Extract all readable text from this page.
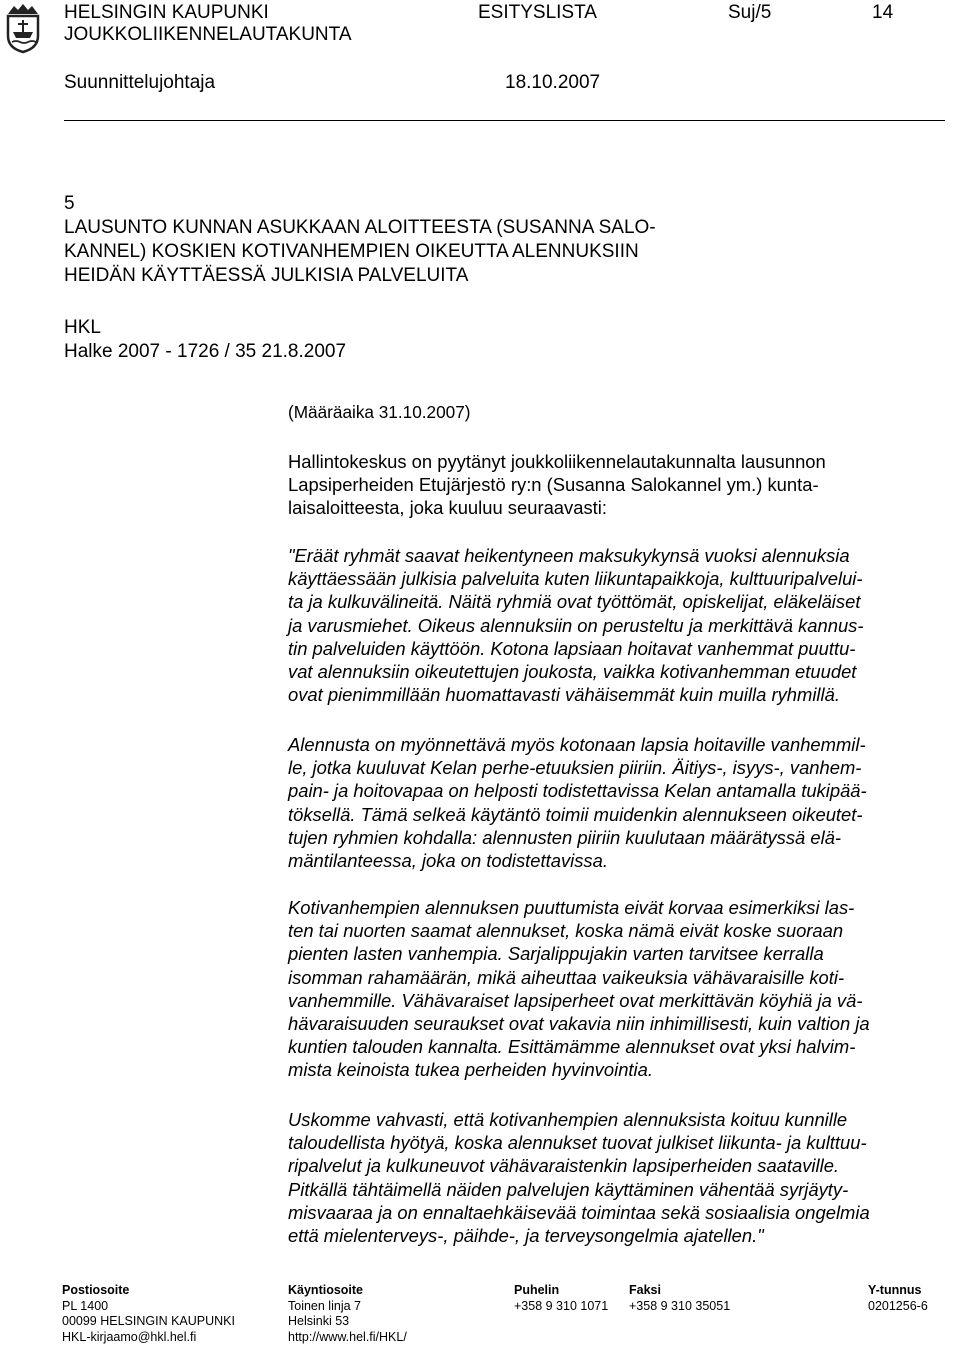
HELSINGIN KAUPUNKI
JOUKKOLIIKENNELAUTAKUNTA
ESITYSLISTA	Suj/5	14
Suunnittelujohtaja	18.10.2007
5
LAUSUNTO KUNNAN ASUKKAAN ALOITTEESTA (SUSANNA SALO-
KANNEL) KOSKIEN KOTIVANHEMPIEN OIKEUTTA ALENNUKSIIN
HEIDÄN KÄYTTÄESSÄ JULKISIA PALVELUITA
HKL
Halke 2007 - 1726 / 35 21.8.2007
(Määräaika 31.10.2007)
Hallintokeskus on pyytänyt joukkoliikennelautakunnalta lausunnon
Lapsiperheiden Etujärjestö ry:n (Susanna Salokannel ym.) kunta-
laisaloitteesta, joka kuuluu seuraavasti:
"Eräät ryhmät saavat heikentyneen maksukykynsä vuoksi alennuksia
käyttäessään julkisia palveluita kuten liikuntapaikkoja, kulttuuripalvelui-
ta ja kulkuvälineitä. Näitä ryhmiä ovat työttömät, opiskelijat, eläkeläiset
ja varusmiehet. Oikeus alennuksiin on perusteltu ja merkittävä kannus-
tin palveluiden käyttöön. Kotona lapsiaan hoitavat vanhemmat puuttu-
vat alennuksiin oikeutettujen joukosta, vaikka kotivanhemman etuudet
ovat pienimmillään huomattavasti vähäisemmät kuin muilla ryhmillä.
Alennusta on myönnettävä myös kotonaan lapsia hoitaville vanhemmil-
le, jotka kuuluvat Kelan perhe-etuuksien piiriin. Äitiys-, isyys-, vanhem-
pain- ja hoitovapaa on helposti todistettavissa Kelan antamalla tukipää-
töksellä. Tämä selkeä käytäntö toimii muidenkin alennukseen oikeutet-
tujen ryhmien kohdalla: alennusten piiriin kuulutaan määrätyssä elä-
mäntilanteessa, joka on todistettavissa.
Kotivanhempien alennuksen puuttumista eivät korvaa esimerkiksi las-
ten tai nuorten saamat alennukset, koska nämä eivät koske suoraan
pienten lasten vanhempia. Sarjalippujakin varten tarvitsee kerralla
isomman rahamäärän, mikä aiheuttaa vaikeuksia vähävaraisille koti-
vanhemmille. Vähävaraiset lapsiperheet ovat merkittävän köyhiä ja vä-
hävaraisuuden seuraukset ovat vakavia niin inhimillisesti, kuin valtion ja
kuntien talouden kannalta. Esittämämme alennukset ovat yksi halvim-
mista keinoista tukea perheiden hyvinvointia.
Uskomme vahvasti, että kotivanhempien alennuksista koituu kunnille
taloudellista hyötyä, koska alennukset tuovat julkiset liikunta- ja kulttuu-
ripalvelut ja kulkuneuvot vähävaraistenkin lapsiperheiden saataville.
Pitkällä tähtäimellä näiden palvelujen käyttäminen vähentää syrjäyty-
misvaaraa ja on ennaltaehkäisevää toimintaa sekä sosiaalisia ongelmia
että mielenterveys-, päihde-, ja terveysongelmia ajatellen."
Postiosoite
PL 1400
00099 HELSINGIN KAUPUNKI
HKL-kirjaamo@hkl.hel.fi
Käyntiosoite
Toinen linja 7
Helsinki 53
http://www.hel.fi/HKL/
Puhelin
+358 9 310 1071
Faksi
+358 9 310 35051
Y-tunnus
0201256-6
